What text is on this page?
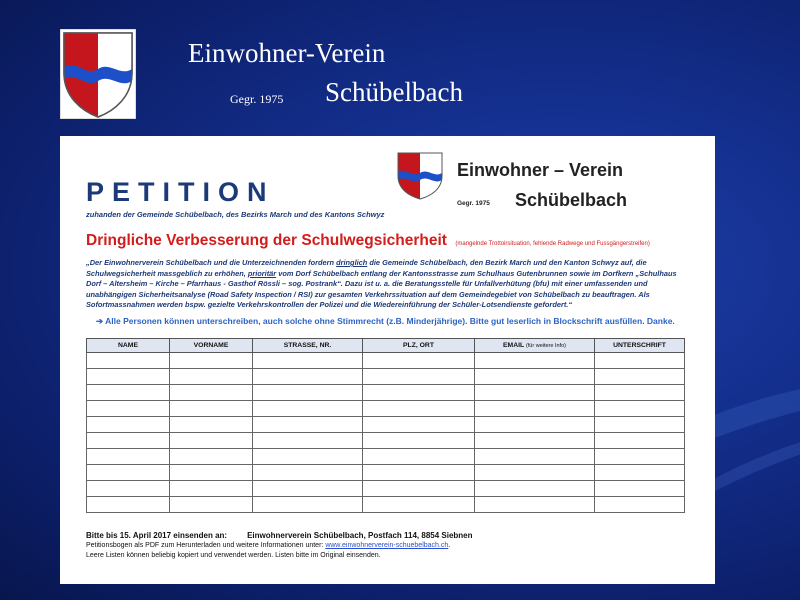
Einwohner-Verein
Gegr. 1975 Schübelbach
PETITION
zuhanden der Gemeinde Schübelbach, des Bezirks March und des Kantons Schwyz
Einwohner – Verein
Gegr. 1975 Schübelbach
Dringliche Verbesserung der Schulwegsicherheit (mangelnde Trottoirsituation, fehlende Radwege und Fussgängerstreifen)
„Der Einwohnerverein Schübelbach und die Unterzeichnenden fordern dringlich die Gemeinde Schübelbach, den Bezirk March und den Kanton Schwyz auf, die Schulwegsicherheit massgeblich zu erhöhen, prioritär vom Dorf Schübelbach entlang der Kantonsstrasse zum Schulhaus Gutenbrunnen sowie im Dorfkern „Schulhaus Dorf – Altersheim – Kirche – Pfarrhaus - Gasthof Rössli – sog. Postrank“. Dazu ist u. a. die Beratungsstelle für Unfallverhütung (bfu) mit einer umfassenden und unabhängigen Sicherheitsanalyse (Road Safety Inspection / RSI) zur gesamten Verkehrssituation auf dem Gemeindegebiet von Schübelbach zu beauftragen. Als Sofortmassnahmen werden bspw. gezielte Verkehrskontrollen der Polizei und die Wiedereinführung der Schüler-Lotsendienste gefordert.“
➔ Alle Personen können unterschreiben, auch solche ohne Stimmrecht (z.B. Minderjährige). Bitte gut leserlich in Blockschrift ausfüllen. Danke.
NAME	VORNAME	STRASSE, NR.	PLZ, ORT	EMAIL (für weitere Info)	UNTERSCHRIFT

Bitte bis 15. April 2017 einsenden an:	Einwohnerverein Schübelbach, Postfach 114, 8854 Siebnen
Petitionsbogen als PDF zum Herunterladen und weitere Informationen unter: www.einwohnerverein-schuebelbach.ch.
Leere Listen können beliebig kopiert und verwendet werden. Listen bitte im Original einsenden.
